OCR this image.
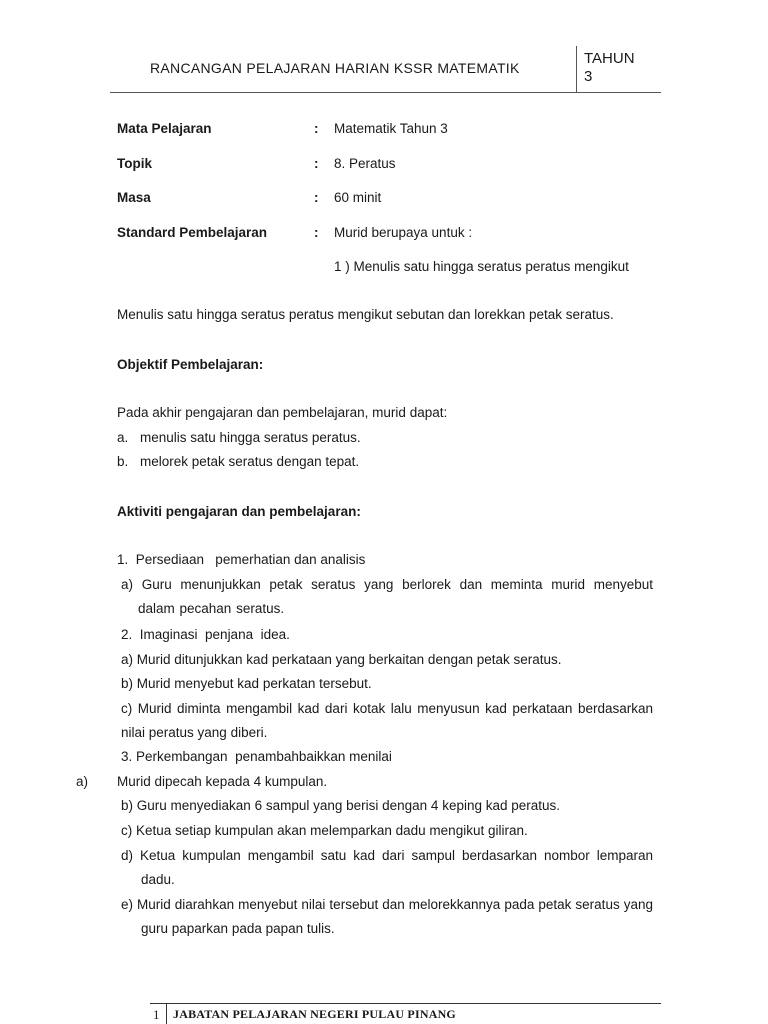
RANCANGAN PELAJARAN HARIAN KSSR MATEMATIK
TAHUN
3
Mata Pelajaran	: Matematik Tahun 3
Topik	: 8. Peratus
Masa	: 60 minit
Standard Pembelajaran	: Murid berupaya untuk :
1 ) Menulis satu hingga seratus peratus mengikut
Menulis satu hingga seratus peratus mengikut sebutan dan lorekkan petak seratus.
Objektif Pembelajaran:
Pada akhir pengajaran dan pembelajaran, murid dapat:
a. menulis satu hingga seratus peratus.
b. melorek petak seratus dengan tepat.
Aktiviti pengajaran dan pembelajaran:
1.  Persediaan   pemerhatian dan analisis
a) Guru menunjukkan petak seratus yang berlorek dan meminta murid menyebut dalam pecahan seratus.
2.  Imaginasi  penjana  idea.
a) Murid ditunjukkan kad perkataan yang berkaitan dengan petak seratus.
b) Murid menyebut kad perkatan tersebut.
c) Murid diminta mengambil kad dari kotak lalu menyusun kad perkataan berdasarkan nilai peratus yang diberi.
3. Perkembangan  penambahbaikkan menilai
a) Murid dipecah kepada 4 kumpulan.
b) Guru menyediakan 6 sampul yang berisi dengan 4 keping kad peratus.
c) Ketua setiap kumpulan akan melemparkan dadu mengikut giliran.
d) Ketua kumpulan mengambil satu kad dari sampul berdasarkan nombor lemparan dadu.
e) Murid diarahkan menyebut nilai tersebut dan melorekkannya pada petak seratus yang guru paparkan pada papan tulis.
1 JABATAN PELAJARAN NEGERI PULAU PINANG
